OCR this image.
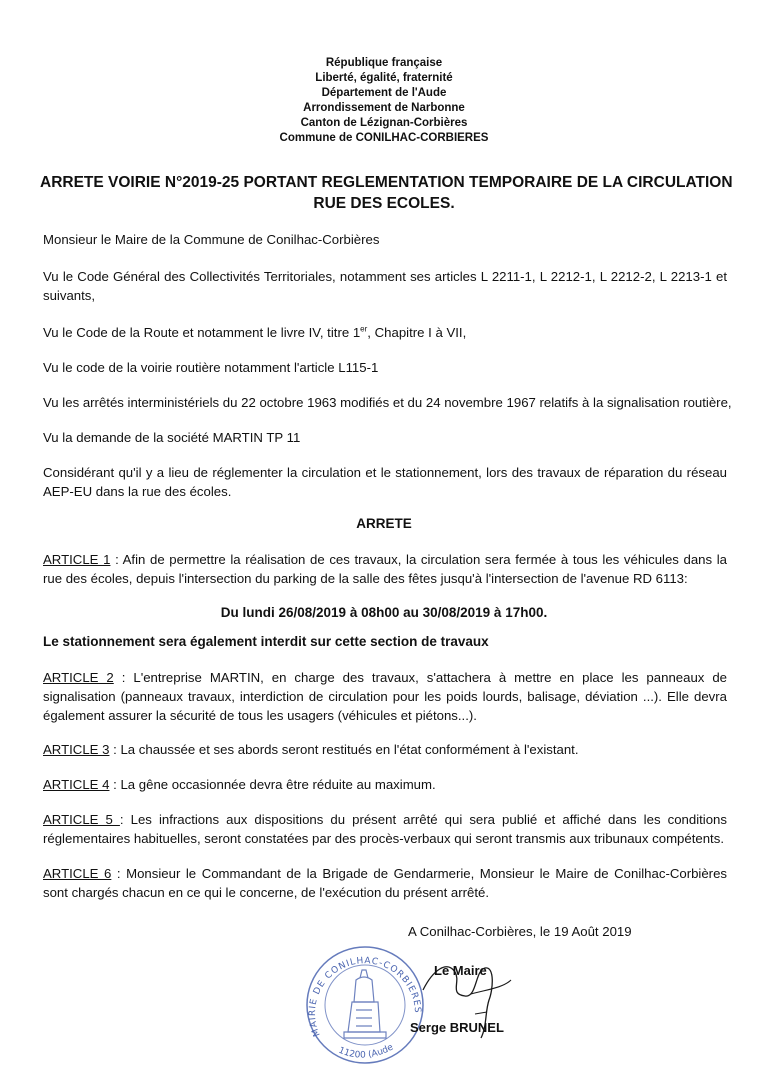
République française
Liberté, égalité, fraternité
Département de l'Aude
Arrondissement de Narbonne
Canton de Lézignan-Corbières
Commune de CONILHAC-CORBIERES
ARRETE VOIRIE N°2019-25 PORTANT REGLEMENTATION TEMPORAIRE DE LA CIRCULATION
RUE DES ECOLES.
Monsieur le Maire de la Commune de Conilhac-Corbières
Vu le Code Général des Collectivités Territoriales, notamment ses articles L 2211-1, L 2212-1, L 2212-2, L 2213-1 et suivants,
Vu le Code de la Route et notamment le livre IV, titre 1er, Chapitre I à VII,
Vu le code de la voirie routière notamment l'article L115-1
Vu les arrêtés interministériels du 22 octobre 1963 modifiés et du 24 novembre 1967 relatifs à la signalisation routière,
Vu la demande de la société MARTIN TP 11
Considérant qu'il y a lieu de réglementer la circulation et le stationnement, lors des travaux de réparation du réseau AEP-EU dans la rue des écoles.
ARRETE
ARTICLE 1 : Afin de permettre la réalisation de ces travaux, la circulation sera fermée à tous les véhicules dans la rue des écoles, depuis l'intersection du parking de la salle des fêtes jusqu'à l'intersection de l'avenue RD 6113:
Du lundi 26/08/2019 à 08h00 au 30/08/2019 à 17h00.
Le stationnement sera également interdit sur cette section de travaux
ARTICLE 2 : L'entreprise MARTIN, en charge des travaux, s'attachera à mettre en place les panneaux de signalisation (panneaux travaux, interdiction de circulation pour les poids lourds, balisage, déviation ...). Elle devra également assurer la sécurité de tous les usagers (véhicules et piétons...).
ARTICLE 3 : La chaussée et ses abords seront restitués en l'état conformément à l'existant.
ARTICLE 4 : La gêne occasionnée devra être réduite au maximum.
ARTICLE 5 : Les infractions aux dispositions du présent arrêté qui sera publié et affiché dans les conditions réglementaires habituelles, seront constatées par des procès-verbaux qui seront transmis aux tribunaux compétents.
ARTICLE 6 : Monsieur le Commandant de la Brigade de Gendarmerie, Monsieur le Maire de Conilhac-Corbières sont chargés chacun en ce qui le concerne, de l'exécution du présent arrêté.
A Conilhac-Corbières, le 19 Août 2019
MAIRIE DE CONILHAC-CORBIERES
11200 (Aude
Le Maire
Serge BRUNEL
